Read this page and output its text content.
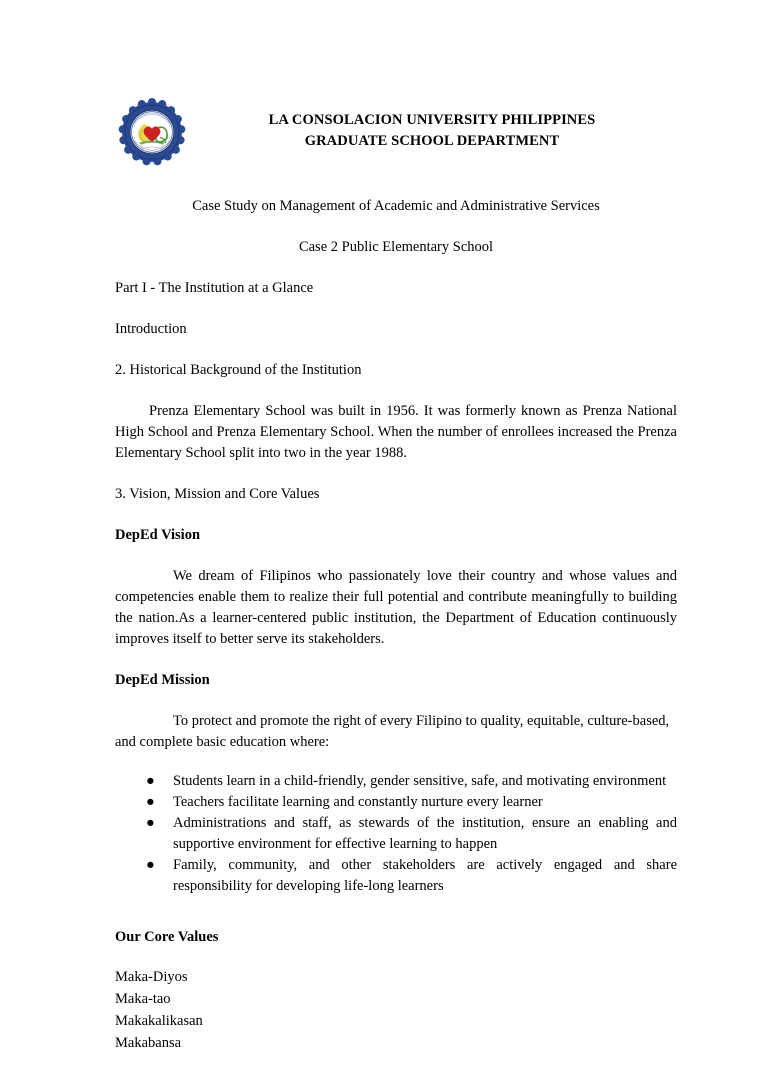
LA CONSOLACION UNIVERSITY PHILIPPINES
GRADUATE SCHOOL DEPARTMENT

Case Study on Management of Academic and Administrative Services

Case 2 Public Elementary School

Part I - The Institution at a Glance

Introduction

2. Historical Background of the Institution

Prenza Elementary School was built in 1956. It was formerly known as Prenza National High School and Prenza Elementary School. When the number of enrollees increased the Prenza Elementary School split into two in the year 1988.

3. Vision, Mission and Core Values

DepEd Vision

We dream of Filipinos who passionately love their country and whose values and competencies enable them to realize their full potential and contribute meaningfully to building the nation.As a learner-centered public institution, the Department of Education continuously improves itself to better serve its stakeholders.

DepEd Mission

To protect and promote the right of every Filipino to quality, equitable, culture-based, and complete basic education where:

● Students learn in a child-friendly, gender sensitive, safe, and motivating environment
● Teachers facilitate learning and constantly nurture every learner
● Administrations and staff, as stewards of the institution, ensure an enabling and supportive environment for effective learning to happen
● Family, community, and other stakeholders are actively engaged and share responsibility for developing life-long learners

Our Core Values

Maka-Diyos

Maka-tao

Makakalikasan

Makabansa
